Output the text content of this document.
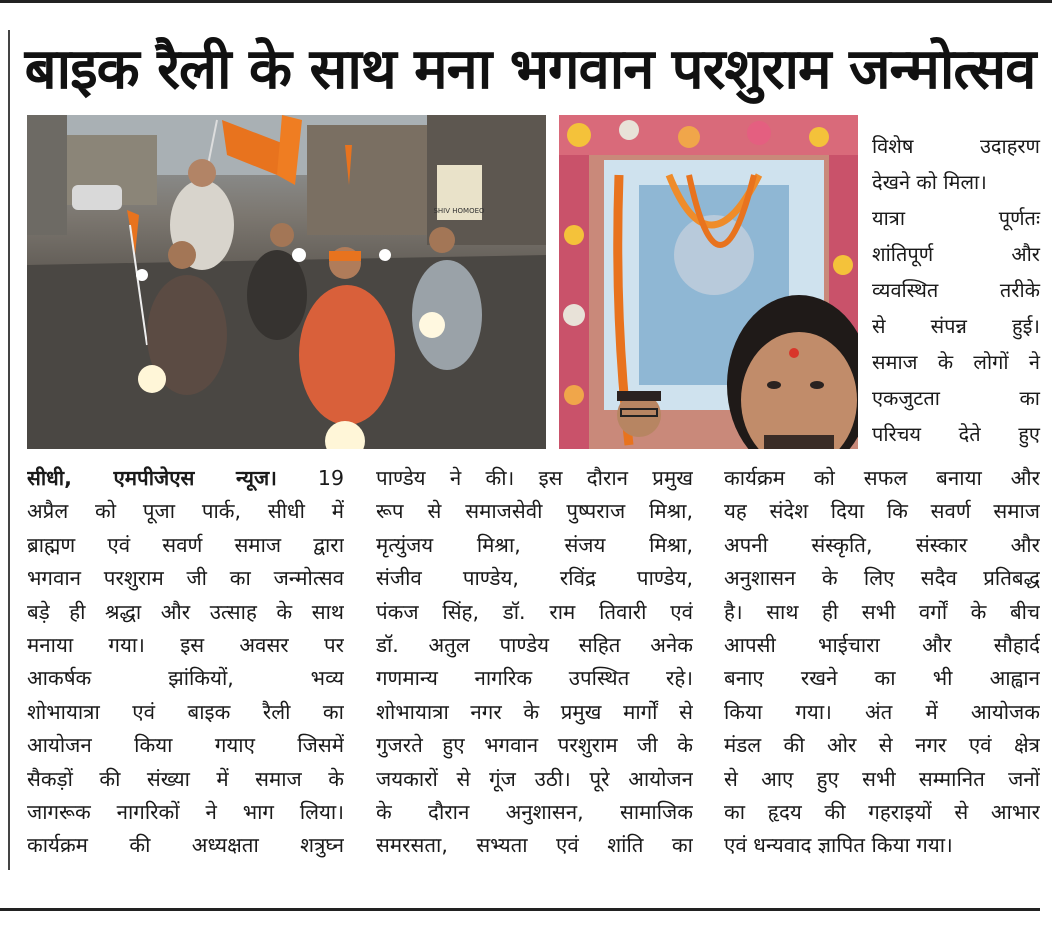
बाइक रैली के साथ मना भगवान परशुराम जन्मोत्सव
SHIV HOMOEO

विशेष उदाहरण

देखने को मिला।

यात्रा पूर्णतः

शांतिपूर्ण और

व्यवस्थित तरीके

से संपन्न हुई।

समाज के लोगों ने

एकजुटता का

परिचय देते हुए

सीधी, एमपीजेएस न्यूज। 19
अप्रैल को पूजा पार्क, सीधी में
ब्राह्मण एवं सवर्ण समाज द्वारा
भगवान परशुराम जी का जन्मोत्सव
बड़े ही श्रद्धा और उत्साह के साथ
मनाया गया। इस अवसर पर
आकर्षक झांकियों, भव्य
शोभायात्रा एवं बाइक रैली का
आयोजन किया गयाए जिसमें
सैकड़ों की संख्या में समाज के
जागरूक नागरिकों ने भाग लिया।
कार्यक्रम की अध्यक्षता शत्रुघ्न
पाण्डेय ने की। इस दौरान प्रमुख
रूप से समाजसेवी पुष्पराज मिश्रा,
मृत्युंजय मिश्रा, संजय मिश्रा,
संजीव पाण्डेय, रविंद्र पाण्डेय,
पंकज सिंह, डॉ. राम तिवारी एवं
डॉ. अतुल पाण्डेय सहित अनेक
गणमान्य नागरिक उपस्थित रहे।
शोभायात्रा नगर के प्रमुख मार्गों से
गुजरते हुए भगवान परशुराम जी के
जयकारों से गूंज उठी। पूरे आयोजन
के दौरान अनुशासन, सामाजिक
समरसता, सभ्यता एवं शांति का
कार्यक्रम को सफल बनाया और
यह संदेश दिया कि सवर्ण समाज
अपनी संस्कृति, संस्कार और
अनुशासन के लिए सदैव प्रतिबद्ध
है। साथ ही सभी वर्गों के बीच
आपसी भाईचारा और सौहार्द
बनाए रखने का भी आह्वान
किया गया। अंत में आयोजक
मंडल की ओर से नगर एवं क्षेत्र
से आए हुए सभी सम्मानित जनों
का हृदय की गहराइयों से आभार
एवं धन्यवाद ज्ञापित किया गया।
